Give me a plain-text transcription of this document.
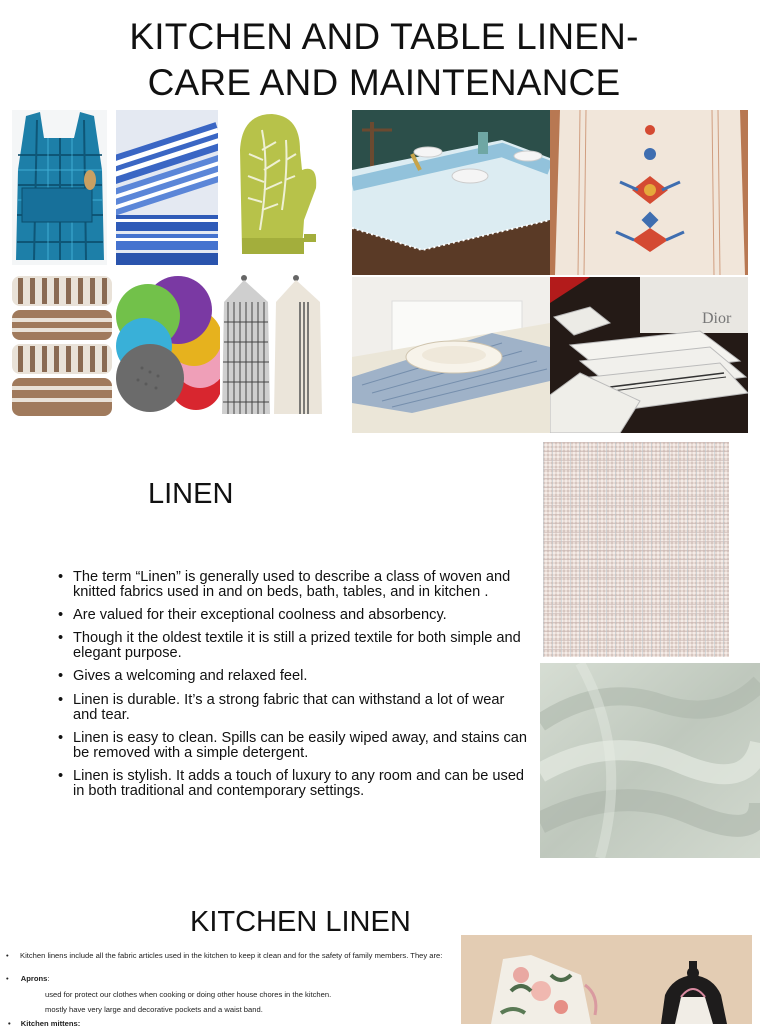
KITCHEN AND TABLE LINEN-
CARE AND MAINTENANCE
Dior
LINEN
• The term “Linen” is generally used to describe a class of woven and knitted fabrics used in and on beds, bath, tables, and in kitchen .
• Are valued for their exceptional coolness and absorbency.
• Though it the oldest textile it is still a prized textile for both simple and elegant purpose.
• Gives a welcoming and relaxed feel.
• Linen is durable. It’s a strong fabric that can withstand a lot of wear and tear.
• Linen is easy to clean. Spills can be easily wiped away, and stains can be removed with a simple detergent.
• Linen is stylish. It adds a touch of luxury to any room and can be used in both traditional and contemporary settings.
KITCHEN LINEN
•	Kitchen linens include all the fabric articles used in the kitchen to keep it clean and for the safety of family members. They are:
• Aprons:
used for protect our clothes when cooking or doing other house chores in the kitchen.
mostly have very large and decorative pockets and a waist band.
• Kitchen mittens:
